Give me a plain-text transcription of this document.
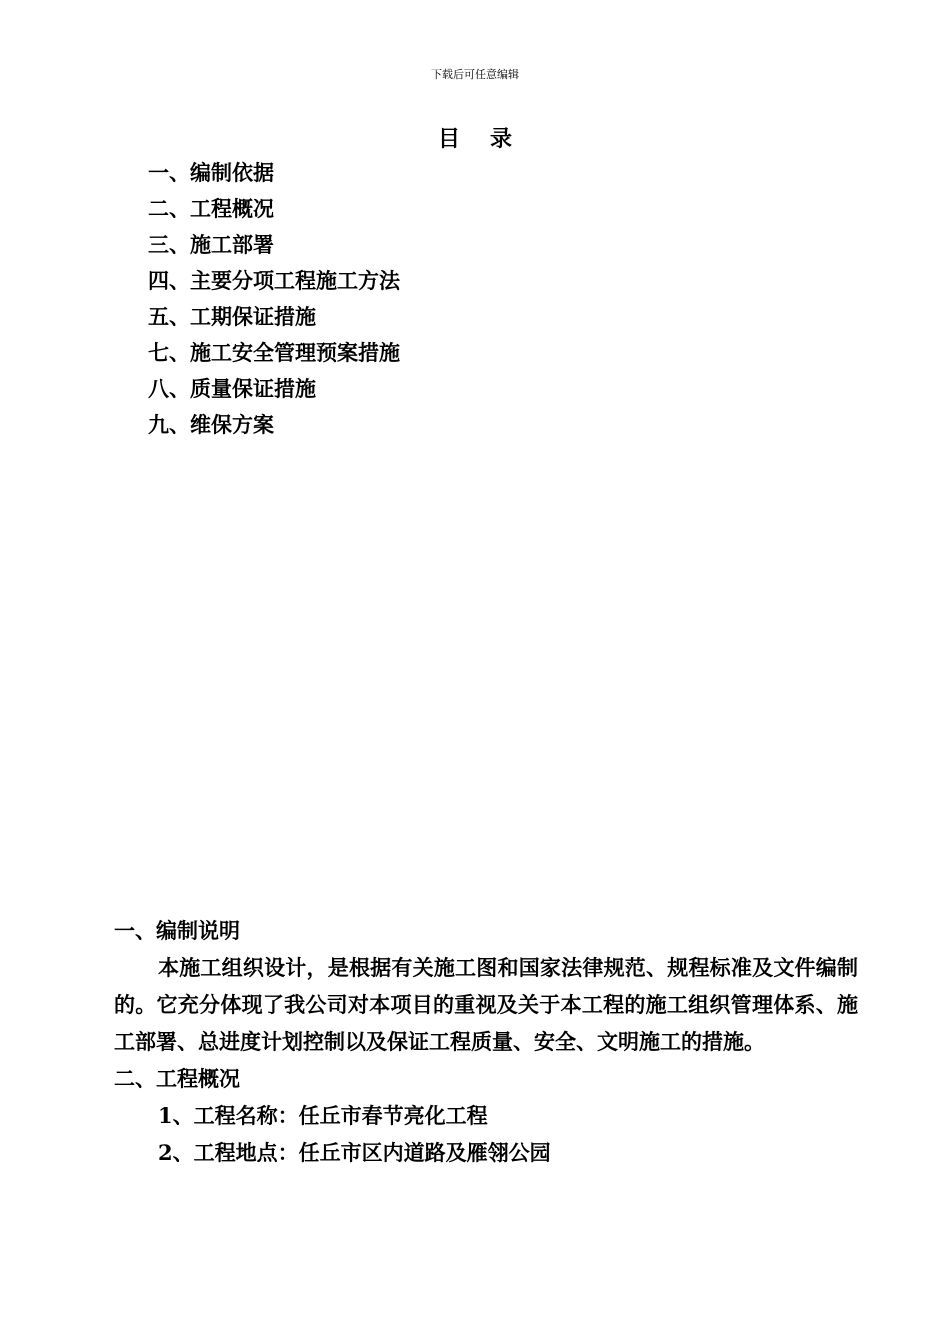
下载后可任意编辑
目录
一、编制依据
二、工程概况
三、施工部署
四、主要分项工程施工方法
五、工期保证措施
七、施工安全管理预案措施
八、质量保证措施
九、维保方案
一、编制说明

本施工组织设计，是根据有关施工图和国家法律规范、规程标准及文件编制的。它充分体现了我公司对本项目的重视及关于本工程的施工组织管理体系、施工部署、总进度计划控制以及保证工程质量、安全、文明施工的措施。

二、工程概况
1、工程名称：任丘市春节亮化工程
2、工程地点：任丘市区内道路及雁翎公园
